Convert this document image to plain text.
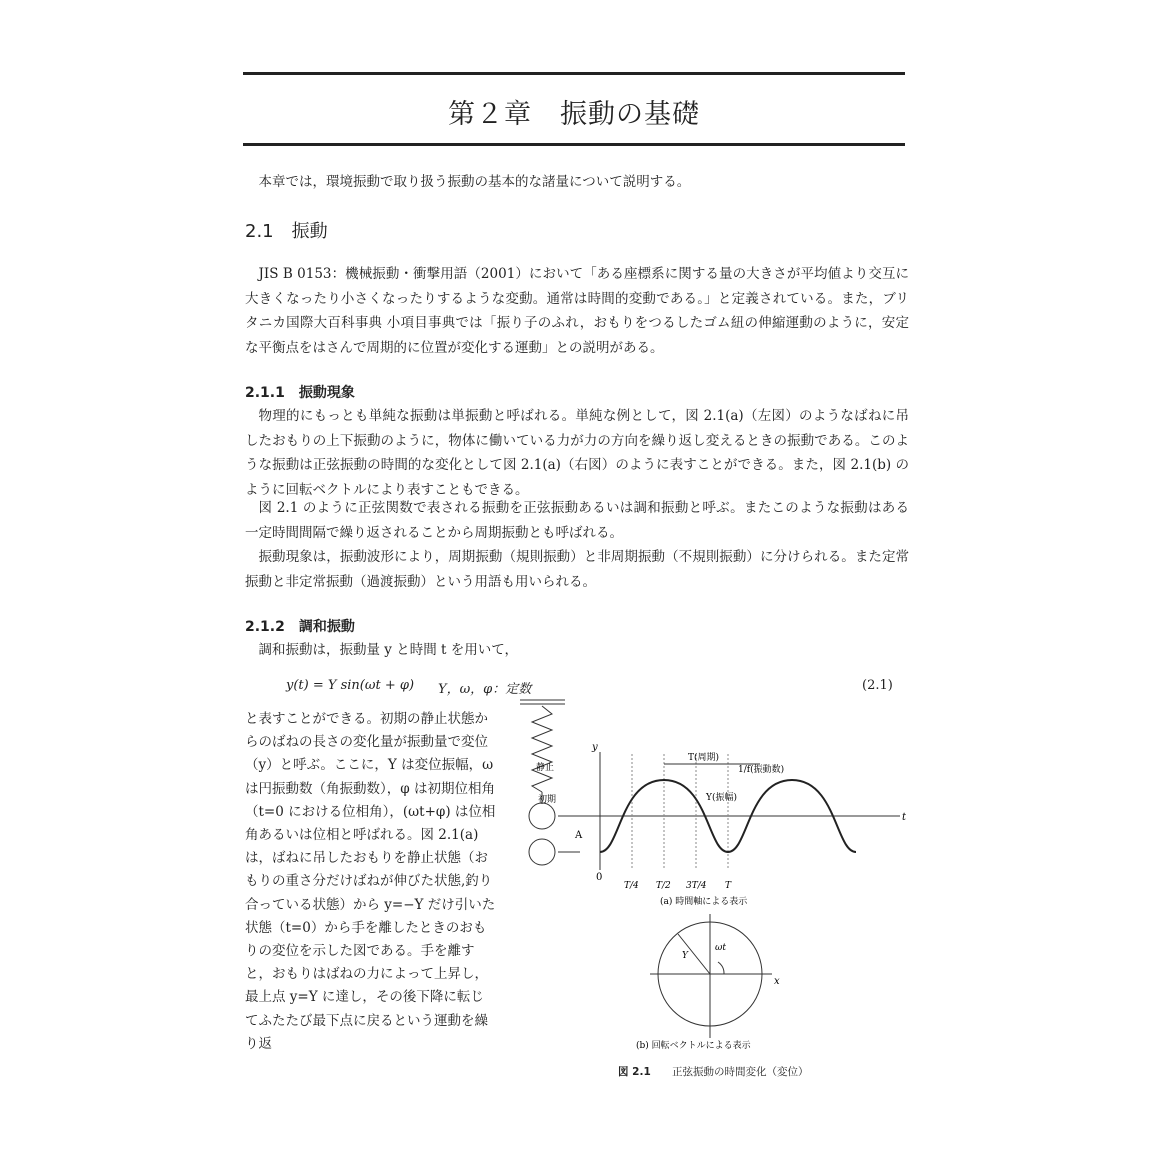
第２章　振動の基礎
本章では，環境振動で取り扱う振動の基本的な諸量について説明する。
2.1　振動
JIS B 0153：機械振動・衝撃用語（2001）において「ある座標系に関する量の大きさが平均値より交互に大きくなったり小さくなったりするような変動。通常は時間的変動である。」と定義されている。また，ブリタニカ国際大百科事典 小項目事典では「振り子のふれ，おもりをつるしたゴム紐の伸縮運動のように，安定な平衡点をはさんで周期的に位置が変化する運動」との説明がある。
2.1.1　振動現象
物理的にもっとも単純な振動は単振動と呼ばれる。単純な例として，図 2.1(a)（左図）のようなばねに吊したおもりの上下振動のように，物体に働いている力が力の方向を繰り返し変えるときの振動である。このような振動は正弦振動の時間的な変化として図 2.1(a)（右図）のように表すことができる。また，図 2.1(b) のように回転ベクトルにより表すこともできる。
図 2.1 のように正弦関数で表される振動を正弦振動あるいは調和振動と呼ぶ。またこのような振動はある一定時間間隔で繰り返されることから周期振動とも呼ばれる。
振動現象は，振動波形により，周期振動（規則振動）と非周期振動（不規則振動）に分けられる。また定常振動と非定常振動（過渡振動）という用語も用いられる。
2.1.2　調和振動
調和振動は，振動量 y と時間 t を用いて，
y(t) = Y sin(ωt + φ) Y，ω，φ：定数	(2.1)
と表すことができる。初期の静止状態からのばねの長さの変化量が振動量で変位（y）と呼ぶ。ここに，Y は変位振幅，ω は円振動数（角振動数），φ は初期位相角（t=0 における位相角），(ωt+φ) は位相角あるいは位相と呼ばれる。図 2.1(a) は，ばねに吊したおもりを静止状態（おもりの重さ分だけばねが伸びた状態,釣り合っている状態）から y=−Y だけ引いた状態（t=0）から手を離したときのおもりの変位を示した図である。手を離すと，おもりはばねの力によって上昇し，最上点 y=Y に達し，その後下降に転じてふたたび最下点に戻るという運動を繰り返
静止
初期
A
y
t
0
T/4 T/2 3T/4 T
T(周期)
1/f(振動数)
Y(振幅)
(a) 時間軸による表示
x
ωt
Y
(b) 回転ベクトルによる表示
図 2.1 正弦振動の時間変化（変位）
